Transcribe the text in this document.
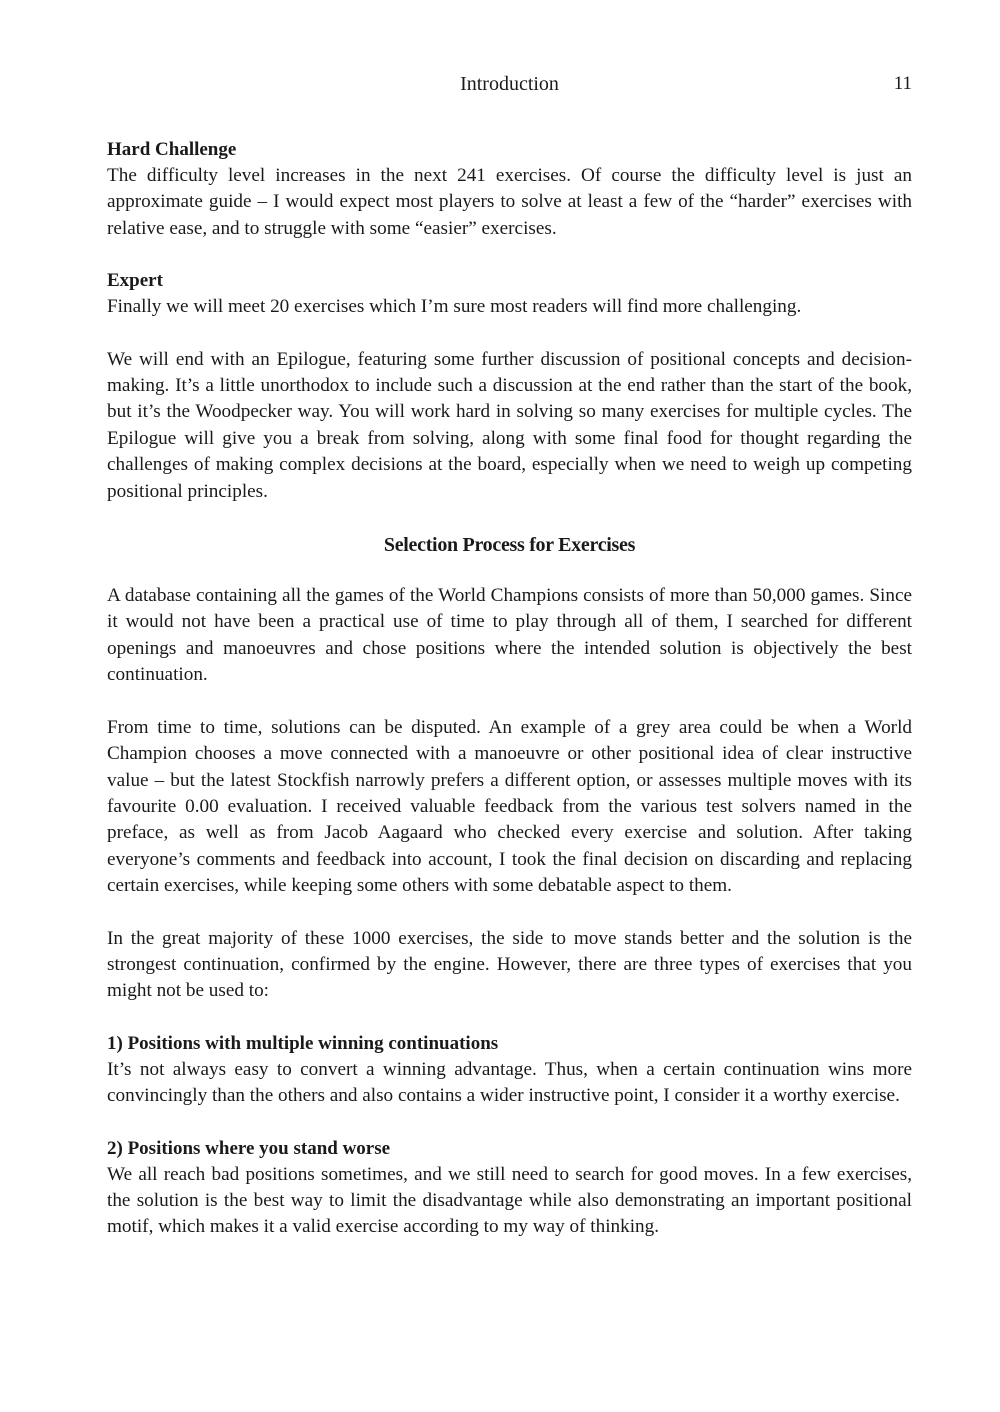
Introduction	11
Hard Challenge

The difficulty level increases in the next 241 exercises. Of course the difficulty level is just an approximate guide – I would expect most players to solve at least a few of the “harder” exercises with relative ease, and to struggle with some “easier” exercises.

Expert

Finally we will meet 20 exercises which I’m sure most readers will find more challenging.

We will end with an Epilogue, featuring some further discussion of positional concepts and decision-making. It’s a little unorthodox to include such a discussion at the end rather than the start of the book, but it’s the Woodpecker way. You will work hard in solving so many exercises for multiple cycles. The Epilogue will give you a break from solving, along with some final food for thought regarding the challenges of making complex decisions at the board, especially when we need to weigh up competing positional principles.

Selection Process for Exercises

A database containing all the games of the World Champions consists of more than 50,000 games. Since it would not have been a practical use of time to play through all of them, I searched for different openings and manoeuvres and chose positions where the intended solution is objectively the best continuation.

From time to time, solutions can be disputed. An example of a grey area could be when a World Champion chooses a move connected with a manoeuvre or other positional idea of clear instructive value – but the latest Stockfish narrowly prefers a different option, or assesses multiple moves with its favourite 0.00 evaluation. I received valuable feedback from the various test solvers named in the preface, as well as from Jacob Aagaard who checked every exercise and solution. After taking everyone’s comments and feedback into account, I took the final decision on discarding and replacing certain exercises, while keeping some others with some debatable aspect to them.

In the great majority of these 1000 exercises, the side to move stands better and the solution is the strongest continuation, confirmed by the engine. However, there are three types of exercises that you might not be used to:

1) Positions with multiple winning continuations

It’s not always easy to convert a winning advantage. Thus, when a certain continuation wins more convincingly than the others and also contains a wider instructive point, I consider it a worthy exercise.

2) Positions where you stand worse

We all reach bad positions sometimes, and we still need to search for good moves. In a few exercises, the solution is the best way to limit the disadvantage while also demonstrating an important positional motif, which makes it a valid exercise according to my way of thinking.
